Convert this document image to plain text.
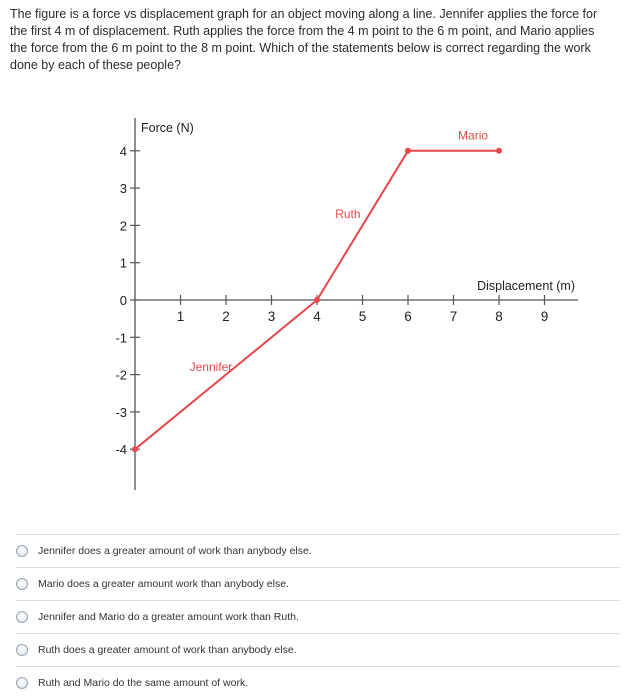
The figure is a force vs displacement graph for an object moving along a line. Jennifer applies the force for the first 4 m of displacement. Ruth applies the force from the 4 m point to the 6 m point, and Mario applies the force from the 6 m point to the 8 m point. Which of the statements below is correct regarding the work done by each of these people?

4
3
2
1
0
-1
-2
-3
-4
1	2	3	4	5	6	7	8	9
Force (N)
Displacement (m)
Jennifer
Ruth
Mario
Jennifer does a greater amount of work than anybody else.
Mario does a greater amount work than anybody else.
Jennifer and Mario do a greater amount work than Ruth.
Ruth does a greater amount of work than anybody else.
Ruth and Mario do the same amount of work.
